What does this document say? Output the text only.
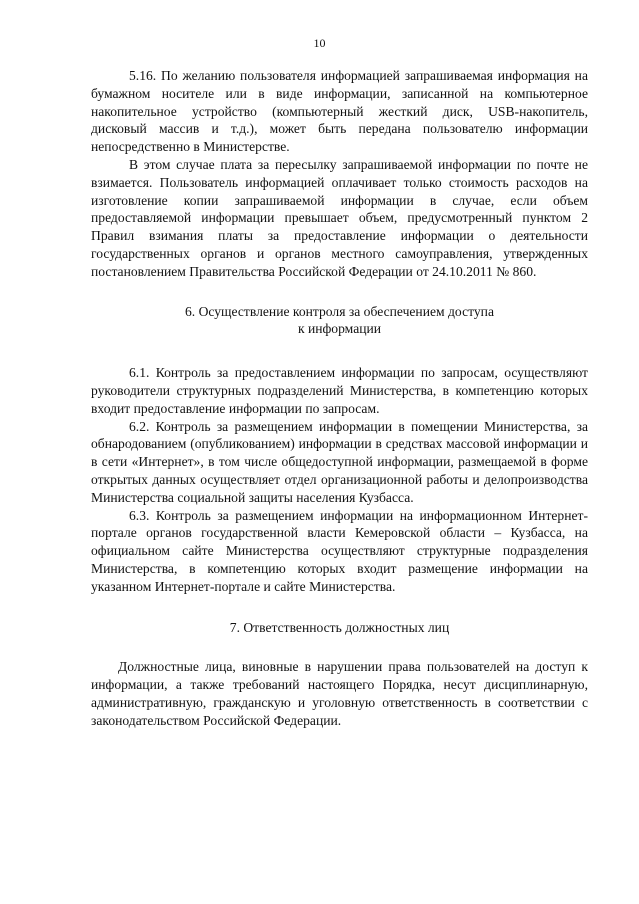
10

5.16. По желанию пользователя информацией запрашиваемая информация на бумажном носителе или в виде информации, записанной на компьютерное накопительное устройство (компьютерный жесткий диск, USB-накопитель, дисковый массив и т.д.), может быть передана пользователю информации непосредственно в Министерстве.

В этом случае плата за пересылку запрашиваемой информации по почте не взимается. Пользователь информацией оплачивает только стоимость расходов на изготовление копии запрашиваемой информации в случае, если объем предоставляемой информации превышает объем, предусмотренный пунктом 2 Правил взимания платы за предоставление информации о деятельности государственных органов и органов местного самоуправления, утвержденных постановлением Правительства Российской Федерации от 24.10.2011 № 860.

6. Осуществление контроля за обеспечением доступа
к информации

6.1. Контроль за предоставлением информации по запросам, осуществляют руководители структурных подразделений Министерства, в компетенцию которых входит предоставление информации по запросам.

6.2. Контроль за размещением информации в помещении Министерства, за обнародованием (опубликованием) информации в средствах массовой информации и в сети «Интернет», в том числе общедоступной информации, размещаемой в форме открытых данных осуществляет отдел организационной работы и делопроизводства Министерства социальной защиты населения Кузбасса.

6.3. Контроль за размещением информации на информационном Интернет-портале органов государственной власти Кемеровской области – Кузбасса, на официальном сайте Министерства осуществляют структурные подразделения Министерства, в компетенцию которых входит размещение информации на указанном Интернет-портале и сайте Министерства.

7. Ответственность должностных лиц

Должностные лица, виновные в нарушении права пользователей на доступ к информации, а также требований настоящего Порядка, несут дисциплинарную, административную, гражданскую и уголовную ответственность в соответствии с законодательством Российской Федерации.
